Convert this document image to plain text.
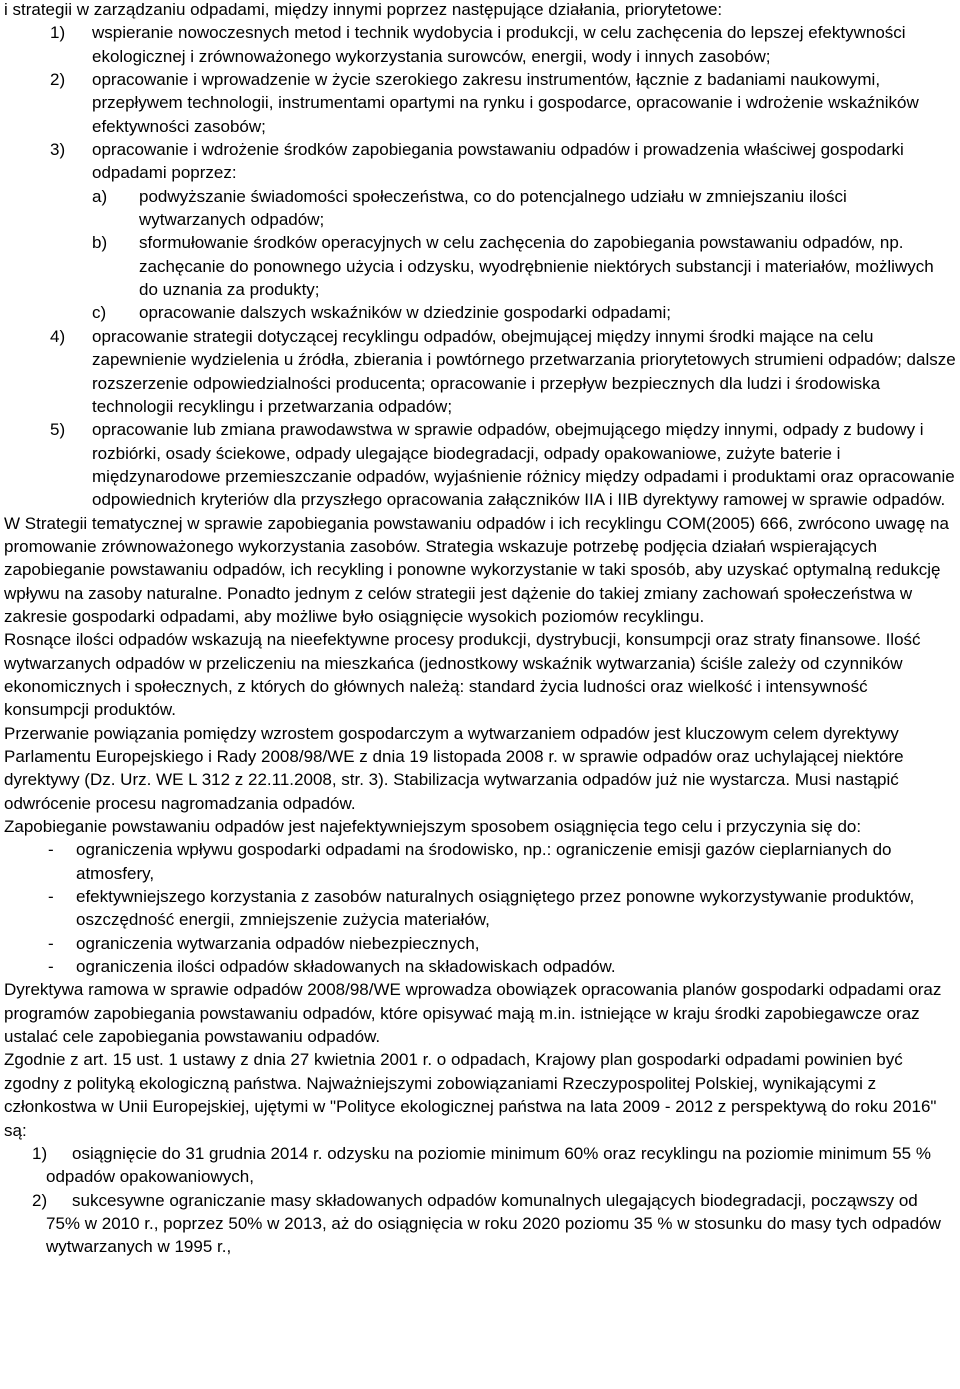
i strategii w zarządzaniu odpadami, między innymi poprzez następujące działania, priorytetowe:

1) wspieranie nowoczesnych metod i technik wydobycia i produkcji, w celu zachęcenia do lepszej efektywności ekologicznej i zrównoważonego wykorzystania surowców, energii, wody i innych zasobów;
2) opracowanie i wprowadzenie w życie szerokiego zakresu instrumentów, łącznie z badaniami naukowymi, przepływem technologii, instrumentami opartymi na rynku i gospodarce, opracowanie i wdrożenie wskaźników efektywności zasobów;
3) opracowanie i wdrożenie środków zapobiegania powstawaniu odpadów i prowadzenia właściwej gospodarki odpadami poprzez:
a) podwyższanie świadomości społeczeństwa, co do potencjalnego udziału w zmniejszaniu ilości wytwarzanych odpadów;
b) sformułowanie środków operacyjnych w celu zachęcenia do zapobiegania powstawaniu odpadów, np. zachęcanie do ponownego użycia i odzysku, wyodrębnienie niektórych substancji i materiałów, możliwych do uznania za produkty;
c) opracowanie dalszych wskaźników w dziedzinie gospodarki odpadami;
4) opracowanie strategii dotyczącej recyklingu odpadów, obejmującej między innymi środki mające na celu zapewnienie wydzielenia u źródła, zbierania i powtórnego przetwarzania priorytetowych strumieni odpadów; dalsze rozszerzenie odpowiedzialności producenta; opracowanie i przepływ bezpiecznych dla ludzi i środowiska technologii recyklingu i przetwarzania odpadów;
5) opracowanie lub zmiana prawodawstwa w sprawie odpadów, obejmującego między innymi, odpady z budowy i rozbiórki, osady ściekowe, odpady ulegające biodegradacji, odpady opakowaniowe, zużyte baterie i międzynarodowe przemieszczanie odpadów, wyjaśnienie różnicy między odpadami i produktami oraz opracowanie odpowiednich kryteriów dla przyszłego opracowania załączników IIA i IIB dyrektywy ramowej w sprawie odpadów.

W Strategii tematycznej w sprawie zapobiegania powstawaniu odpadów i ich recyklingu COM(2005) 666, zwrócono uwagę na promowanie zrównoważonego wykorzystania zasobów. Strategia wskazuje potrzebę podjęcia działań wspierających zapobieganie powstawaniu odpadów, ich recykling i ponowne wykorzystanie w taki sposób, aby uzyskać optymalną redukcję wpływu na zasoby naturalne. Ponadto jednym z celów strategii jest dążenie do takiej zmiany zachowań społeczeństwa w zakresie gospodarki odpadami, aby możliwe było osiągnięcie wysokich poziomów recyklingu.

Rosnące ilości odpadów wskazują na nieefektywne procesy produkcji, dystrybucji, konsumpcji oraz straty finansowe. Ilość wytwarzanych odpadów w przeliczeniu na mieszkańca (jednostkowy wskaźnik wytwarzania) ściśle zależy od czynników ekonomicznych i społecznych, z których do głównych należą: standard życia ludności oraz wielkość i intensywność konsumpcji produktów.

Przerwanie powiązania pomiędzy wzrostem gospodarczym a wytwarzaniem odpadów jest kluczowym celem dyrektywy Parlamentu Europejskiego i Rady 2008/98/WE z dnia 19 listopada 2008 r. w sprawie odpadów oraz uchylającej niektóre dyrektywy (Dz. Urz. WE L 312 z 22.11.2008, str. 3). Stabilizacja wytwarzania odpadów już nie wystarcza. Musi nastąpić odwrócenie procesu nagromadzania odpadów.

Zapobieganie powstawaniu odpadów jest najefektywniejszym sposobem osiągnięcia tego celu i przyczynia się do:

- ograniczenia wpływu gospodarki odpadami na środowisko, np.: ograniczenie emisji gazów cieplarnianych do atmosfery,
- efektywniejszego korzystania z zasobów naturalnych osiągniętego przez ponowne wykorzystywanie produktów, oszczędność energii, zmniejszenie zużycia materiałów,
- ograniczenia wytwarzania odpadów niebezpiecznych,
- ograniczenia ilości odpadów składowanych na składowiskach odpadów.

Dyrektywa ramowa w sprawie odpadów 2008/98/WE wprowadza obowiązek opracowania planów gospodarki odpadami oraz programów zapobiegania powstawaniu odpadów, które opisywać mają m.in. istniejące w kraju środki zapobiegawcze oraz ustalać cele zapobiegania powstawaniu odpadów.

Zgodnie z art. 15 ust. 1 ustawy z dnia 27 kwietnia 2001 r. o odpadach, Krajowy plan gospodarki odpadami powinien być zgodny z polityką ekologiczną państwa. Najważniejszymi zobowiązaniami Rzeczypospolitej Polskiej, wynikającymi z członkostwa w Unii Europejskiej, ujętymi w "Polityce ekologicznej państwa na lata 2009 - 2012 z perspektywą do roku 2016" są:

1) osiągnięcie do 31 grudnia 2014 r. odzysku na poziomie minimum 60% oraz recyklingu na poziomie minimum 55 % odpadów opakowaniowych,
2) sukcesywne ograniczanie masy składowanych odpadów komunalnych ulegających biodegradacji, począwszy od 75% w 2010 r., poprzez 50% w 2013, aż do osiągnięcia w roku 2020 poziomu 35 % w stosunku do masy tych odpadów wytwarzanych w 1995 r.,
